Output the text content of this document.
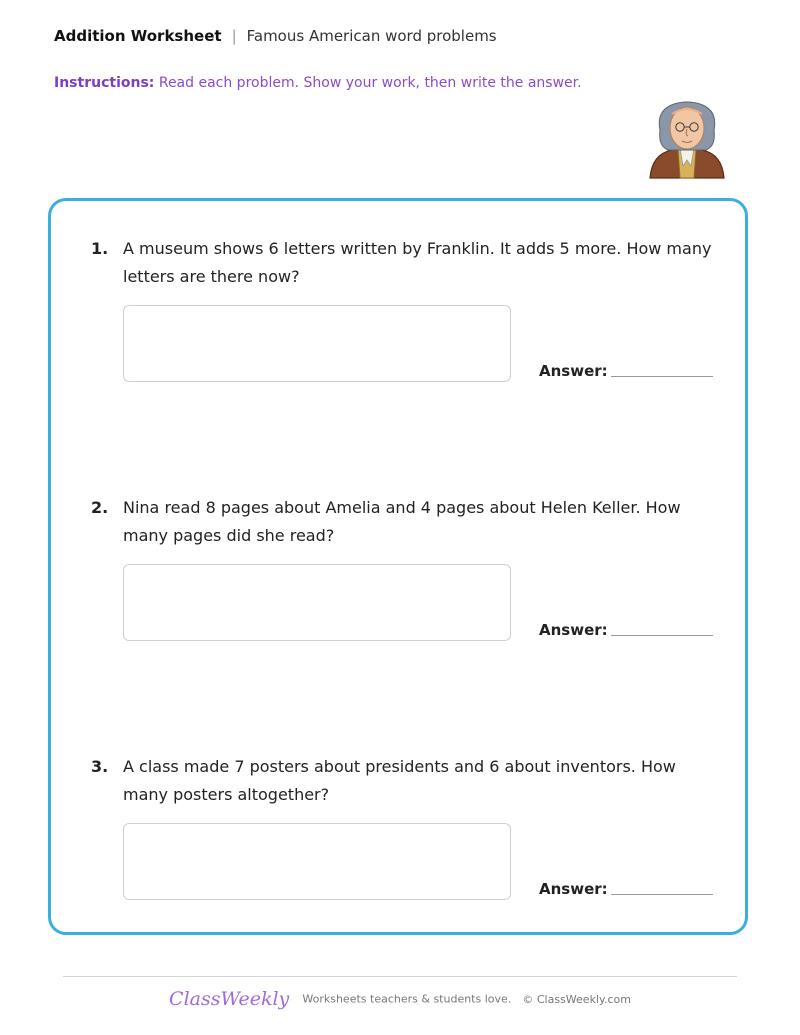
Addition Worksheet | Famous American word problems
Instructions: Read each problem. Show your work, then write the answer.
1. A museum shows 6 letters written by Franklin. It adds 5 more. How many letters are there now?
Answer:
2. Nina read 8 pages about Amelia and 4 pages about Helen Keller. How many pages did she read?
Answer:
3. A class made 7 posters about presidents and 6 about inventors. How many posters altogether?
Answer:
ClassWeekly Worksheets teachers & students love. © ClassWeekly.com
